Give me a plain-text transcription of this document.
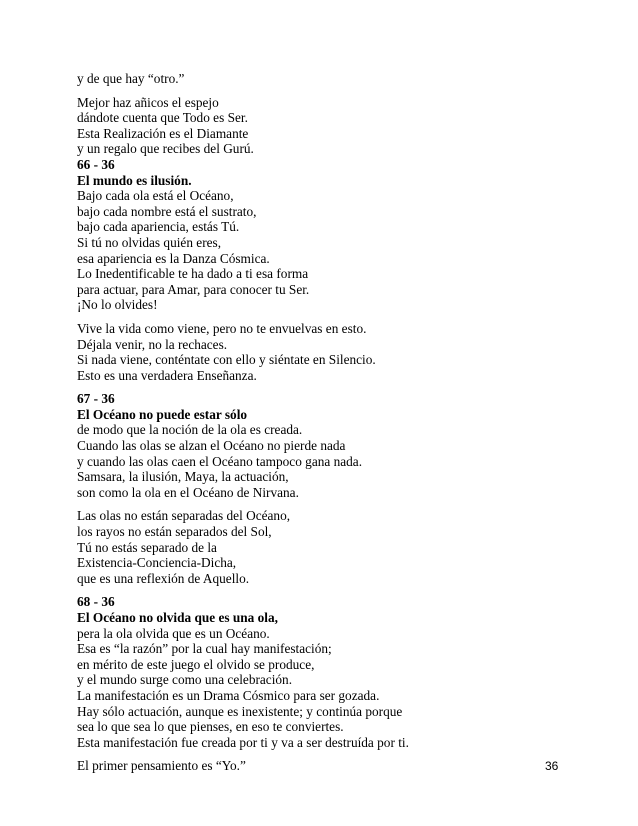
y de que hay “otro.”
Mejor haz añicos el espejo
dándote cuenta que Todo es Ser.
Esta Realización es el Diamante
y un regalo que recibes del Gurú.
66 - 36
El mundo es ilusión.
Bajo cada ola está el Océano,
bajo cada nombre está el sustrato,
bajo cada apariencia, estás Tú.
Si tú no olvidas quién eres,
esa apariencia es la Danza Cósmica.
Lo Inedentificable te ha dado a ti esa forma
para actuar, para Amar, para conocer tu Ser.
¡No lo olvides!
Vive la vida como viene, pero no te envuelvas en esto.
Déjala venir, no la rechaces.
Si nada viene, conténtate con ello y siéntate en Silencio.
Esto es una verdadera Enseñanza.
67 - 36
El Océano no puede estar sólo
de modo que la noción de la ola es creada.
Cuando las olas se alzan el Océano no pierde nada
y cuando las olas caen el Océano tampoco gana nada.
Samsara, la ilusión, Maya, la actuación,
son como la ola en el Océano de Nirvana.
Las olas no están separadas del Océano,
los rayos no están separados del Sol,
Tú no estás separado de la
Existencia-Conciencia-Dicha,
que es una reflexión de Aquello.
68 - 36
El Océano no olvida que es una ola,
pera la ola olvida que es un Océano.
Esa es “la razón” por la cual hay manifestación;
en mérito de este juego el olvido se produce,
y el mundo surge como una celebración.
La manifestación es un Drama Cósmico para ser gozada.
Hay sólo actuación, aunque es inexistente; y continúa porque
sea lo que sea lo que pienses, en eso te conviertes.
Esta manifestación fue creada por ti y va a ser destruída por ti.
El primer pensamiento es “Yo.”	36
